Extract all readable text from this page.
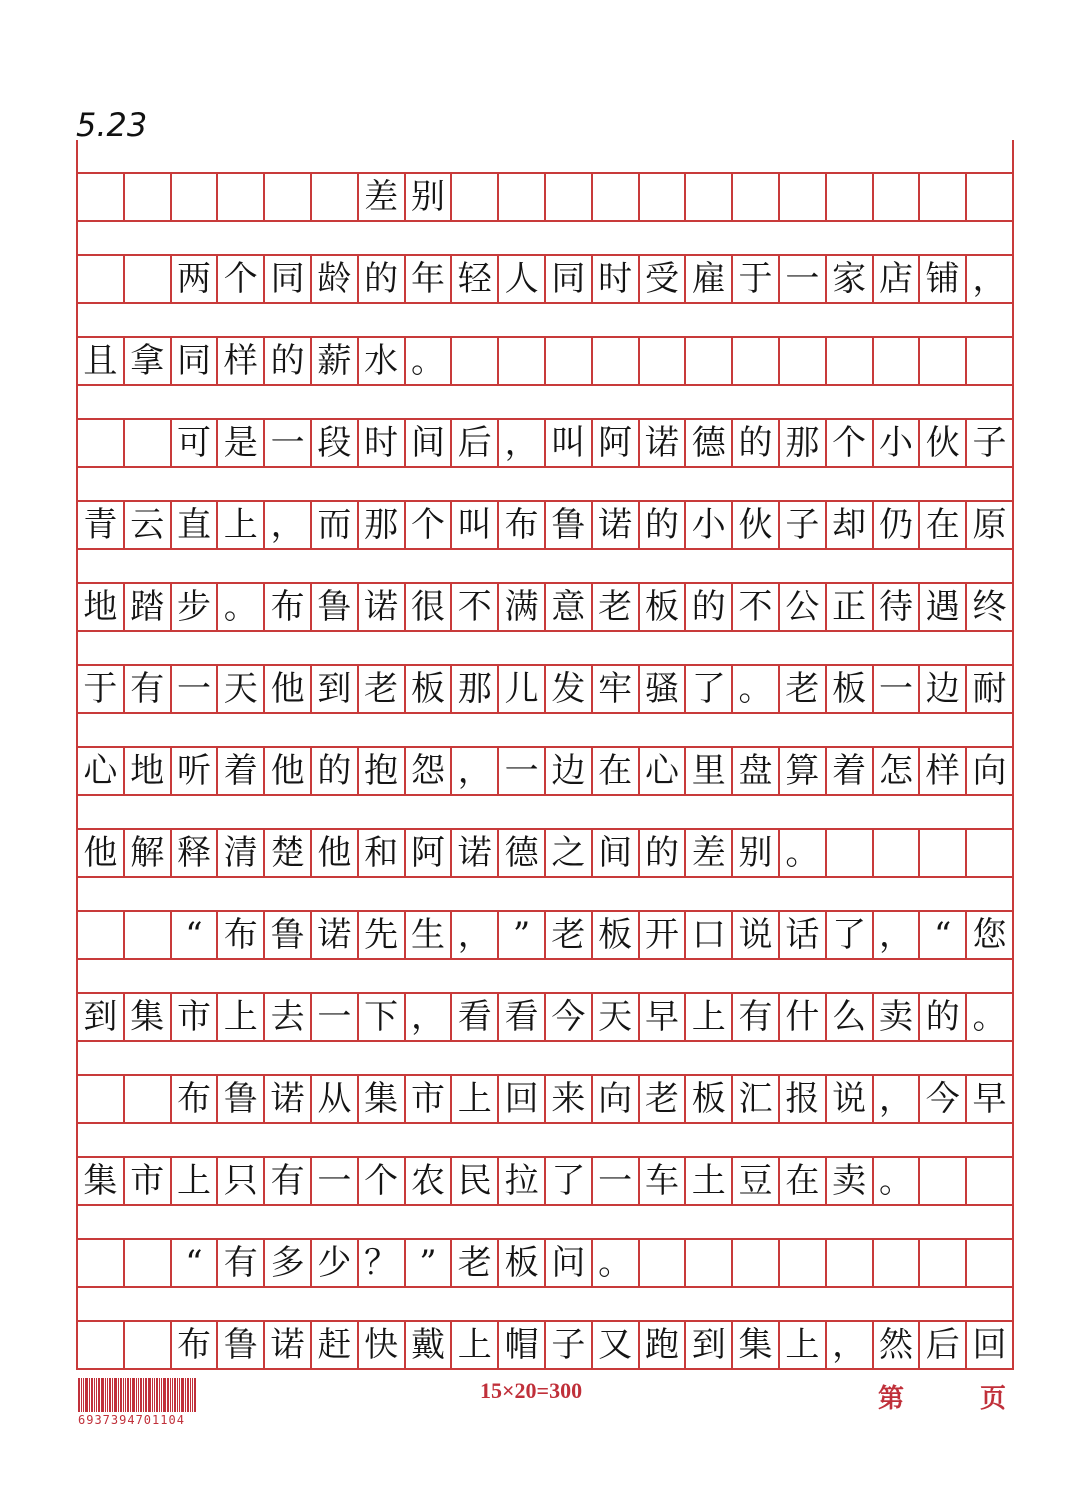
5.23
差 别
两 个 同 龄 的 年 轻 人 同 时 受 雇 于 一 家 店 铺 ，
且 拿 同 样 的 薪 水 。
可 是 一 段 时 间 后 ， 叫 阿 诺 德 的 那 个 小 伙 子
青 云 直 上 ， 而 那 个 叫 布 鲁 诺 的 小 伙 子 却 仍 在 原
地 踏 步 。 布 鲁 诺 很 不 满 意 老 板 的 不 公 正 待 遇 终
于 有 一 天 他 到 老 板 那 儿 发 牢 骚 了 。 老 板 一 边 耐
心 地 听 着 他 的 抱 怨 ， 一 边 在 心 里 盘 算 着 怎 样 向
他 解 释 清 楚 他 和 阿 诺 德 之 间 的 差 别 。
“ 布 鲁 诺 先 生 ， ” 老 板 开 口 说 话 了 ， “ 您
到 集 市 上 去 一 下 ， 看 看 今 天 早 上 有 什 么 卖 的 。
布 鲁 诺 从 集 市 上 回 来 向 老 板 汇 报 说 ， 今 早
集 市 上 只 有 一 个 农 民 拉 了 一 车 土 豆 在 卖 。
“ 有 多 少 ？ ” 老 板 问 。
布 鲁 诺 赶 快 戴 上 帽 子 又 跑 到 集 上 ， 然 后 回
6937394701104
15×20=300	第	页
